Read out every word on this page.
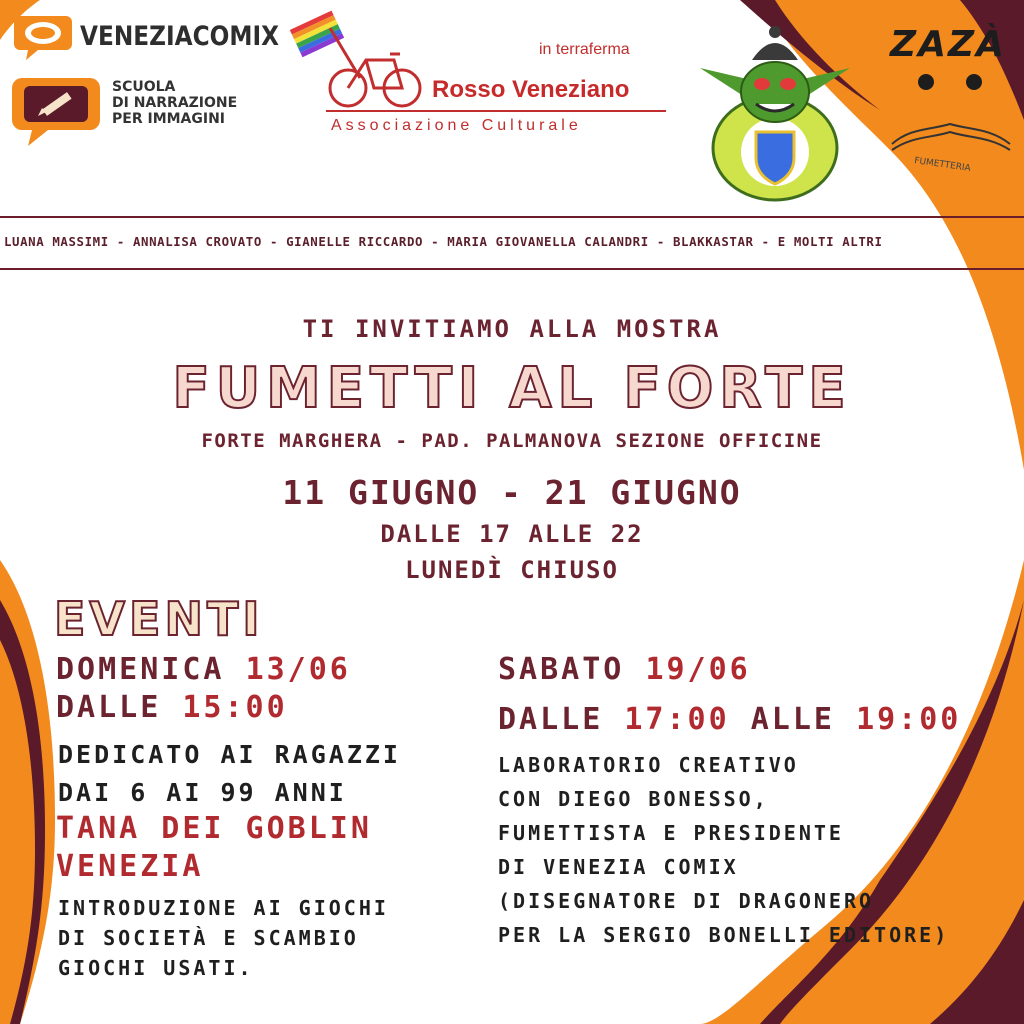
VENEZIACOMIX
SCUOLA
DI NARRAZIONE
PER IMMAGINI
in terraferma
Rosso Veneziano
Associazione Culturale
ZAZÀ
FUMETTERIA
LUANA MASSIMI - ANNALISA CROVATO - GIANELLE RICCARDO - MARIA GIOVANELLA CALANDRI - BLAKKASTAR - E MOLTI ALTRI
TI INVITIAMO ALLA MOSTRA
FUMETTI AL FORTE
FORTE MARGHERA - PAD. PALMANOVA SEZIONE OFFICINE
11 GIUGNO - 21 GIUGNO
DALLE 17 ALLE 22
LUNEDÌ CHIUSO
EVENTI
DOMENICA 13/06
DALLE 15:00
DEDICATO AI RAGAZZI
DAI 6 AI 99 ANNI
TANA DEI GOBLIN
VENEZIA
INTRODUZIONE AI GIOCHI
DI SOCIETÀ E SCAMBIO
GIOCHI USATI.
SABATO 19/06
DALLE 17:00 ALLE 19:00
LABORATORIO CREATIVO
CON DIEGO BONESSO,
FUMETTISTA E PRESIDENTE
DI VENEZIA COMIX
(DISEGNATORE DI DRAGONERO
PER LA SERGIO BONELLI EDITORE)
